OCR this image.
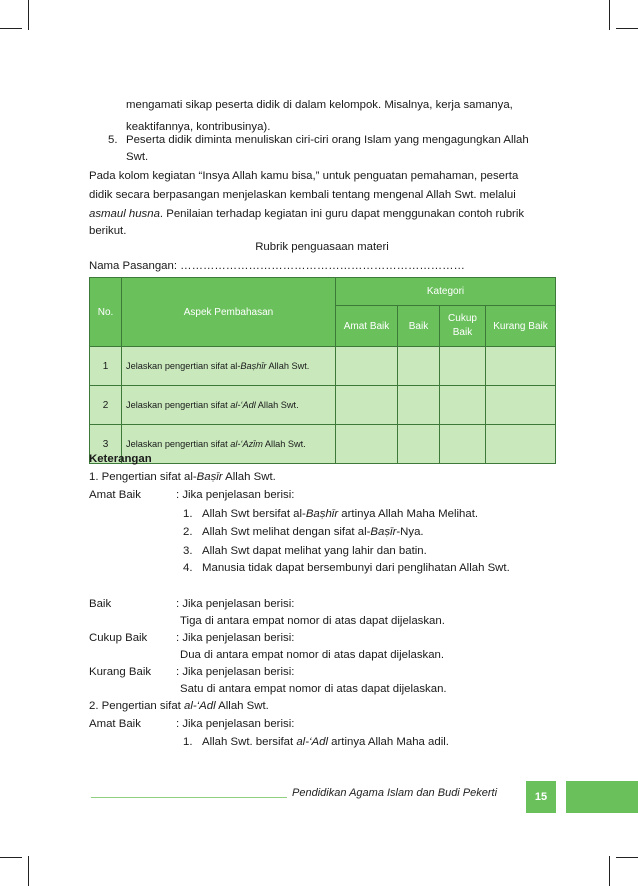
mengamati sikap peserta didik di dalam kelompok. Misalnya, kerja samanya,
keaktifannya, kontribusinya).
5. Peserta didik diminta menuliskan ciri-ciri orang Islam yang mengagungkan Allah
Swt.
Pada kolom kegiatan “Insya Allah kamu bisa,” untuk penguatan pemahaman, peserta
didik secara berpasangan menjelaskan kembali tentang mengenal Allah Swt. melalui
asmaul husna. Penilaian terhadap kegiatan ini guru dapat menggunakan contoh rubrik
berikut.
Rubrik penguasaan materi
Nama Pasangan: …………………………………………………………………
No.	Aspek Pembahasan	Kategori			
		Amat Baik	Baik	Cukup Baik	Kurang Baik
1	Jelaskan pengertian sifat al-Baṣhīr Allah Swt.				
2	Jelaskan pengertian sifat al-‘Adl Allah Swt.				
3	Jelaskan pengertian sifat al-‘Azīm Allah Swt.				
Keterangan
1. Pengertian sifat al-Baṣīr Allah Swt.
Amat Baik	: Jika penjelasan berisi:
1. Allah Swt bersifat al-Baṣhīr artinya Allah Maha Melihat.
2. Allah Swt melihat dengan sifat al-Baṣīr-Nya.
3. Allah Swt dapat melihat yang lahir dan batin.
4. Manusia tidak dapat bersembunyi dari penglihatan Allah Swt.
Baik	: Jika penjelasan berisi:
Tiga di antara empat nomor di atas dapat dijelaskan.
Cukup Baik	: Jika penjelasan berisi:
Dua di antara empat nomor di atas dapat dijelaskan.
Kurang Baik : Jika penjelasan berisi:
Satu di antara empat nomor di atas dapat dijelaskan.
2. Pengertian sifat al-‘Adl Allah Swt.
Amat Baik	: Jika penjelasan berisi:
1. Allah Swt. bersifat al-‘Adl artinya Allah Maha adil.
Pendidikan Agama Islam dan Budi Pekerti	15
